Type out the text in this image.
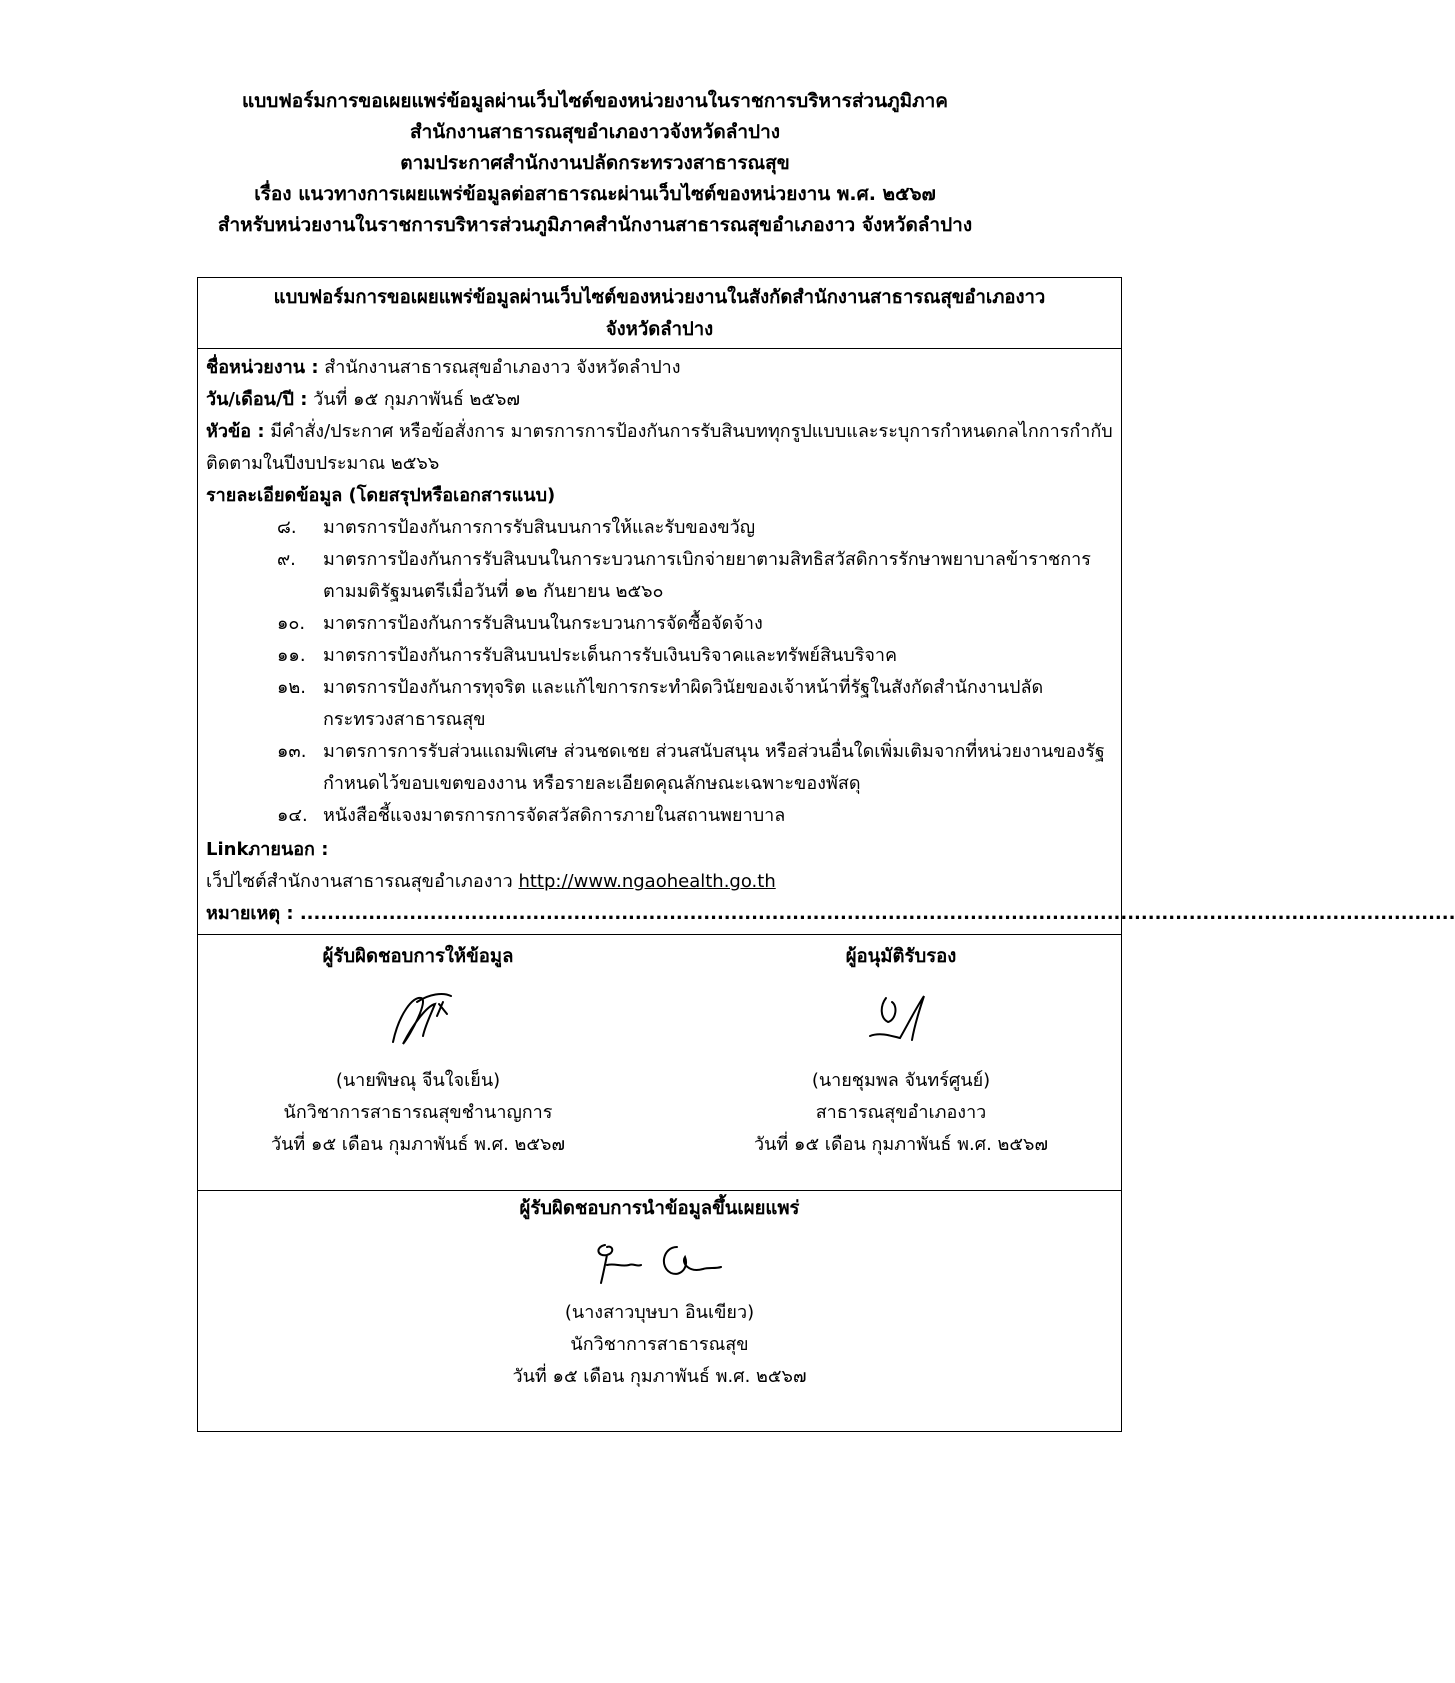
แบบฟอร์มการขอเผยแพร่ข้อมูลผ่านเว็บไซต์ของหน่วยงานในราชการบริหารส่วนภูมิภาค
สำนักงานสาธารณสุขอำเภองาวจังหวัดลำปาง
ตามประกาศสำนักงานปลัดกระทรวงสาธารณสุข
เรื่อง แนวทางการเผยแพร่ข้อมูลต่อสาธารณะผ่านเว็บไซต์ของหน่วยงาน พ.ศ. ๒๕๖๗
สำหรับหน่วยงานในราชการบริหารส่วนภูมิภาคสำนักงานสาธารณสุขอำเภองาว จังหวัดลำปาง
แบบฟอร์มการขอเผยแพร่ข้อมูลผ่านเว็บไซต์ของหน่วยงานในสังกัดสำนักงานสาธารณสุขอำเภองาว
จังหวัดลำปาง
ชื่อหน่วยงาน : สำนักงานสาธารณสุขอำเภองาว จังหวัดลำปาง
วัน/เดือน/ปี : วันที่ ๑๕ กุมภาพันธ์ ๒๕๖๗
หัวข้อ : มีคำสั่ง/ประกาศ หรือข้อสั่งการ มาตรการการป้องกันการรับสินบททุกรูปแบบและระบุการกำหนดกลไกการกำกับติดตามในปีงบประมาณ ๒๕๖๖
รายละเอียดข้อมูล (โดยสรุปหรือเอกสารแนบ)
๘.	มาตรการป้องกันการการรับสินบนการให้และรับของขวัญ
๙.	มาตรการป้องกันการรับสินบนในการะบวนการเบิกจ่ายยาตามสิทธิสวัสดิการรักษาพยาบาลข้าราชการ ตามมติรัฐมนตรีเมื่อวันที่ ๑๒ กันยายน ๒๕๖๐
๑๐. มาตรการป้องกันการรับสินบนในกระบวนการจัดซื้อจัดจ้าง
๑๑. มาตรการป้องกันการรับสินบนประเด็นการรับเงินบริจาคและทรัพย์สินบริจาค
๑๒. มาตรการป้องกันการทุจริต และแก้ไขการกระทำผิดวินัยของเจ้าหน้าที่รัฐในสังกัดสำนักงานปลัดกระทรวงสาธารณสุข
๑๓. มาตรการการรับส่วนแถมพิเศษ ส่วนชดเชย ส่วนสนับสนุน หรือส่วนอื่นใดเพิ่มเติมจากที่หน่วยงานของรัฐกำหนดไว้ขอบเขตของงาน หรือรายละเอียดคุณลักษณะเฉพาะของพัสดุ
๑๔. หนังสือชี้แจงมาตรการการจัดสวัสดิการภายในสถานพยาบาล
Linkภายนอก :
เว็ปไซต์สำนักงานสาธารณสุขอำเภองาว http://www.ngaohealth.go.th
หมายเหตุ : .........................................................................................................................................................................
ผู้รับผิดชอบการให้ข้อมูล
(นายพิษณุ จีนใจเย็น)
นักวิชาการสาธารณสุขชำนาญการ
วันที่ ๑๕ เดือน กุมภาพันธ์ พ.ศ. ๒๕๖๗
ผู้อนุมัติรับรอง
(นายชุมพล จันทร์ศูนย์)
สาธารณสุขอำเภองาว
วันที่ ๑๕ เดือน กุมภาพันธ์ พ.ศ. ๒๕๖๗
ผู้รับผิดชอบการนำข้อมูลขึ้นเผยแพร่
(นางสาวบุษบา อินเขียว)
นักวิชาการสาธารณสุข
วันที่ ๑๕ เดือน กุมภาพันธ์ พ.ศ. ๒๕๖๗
